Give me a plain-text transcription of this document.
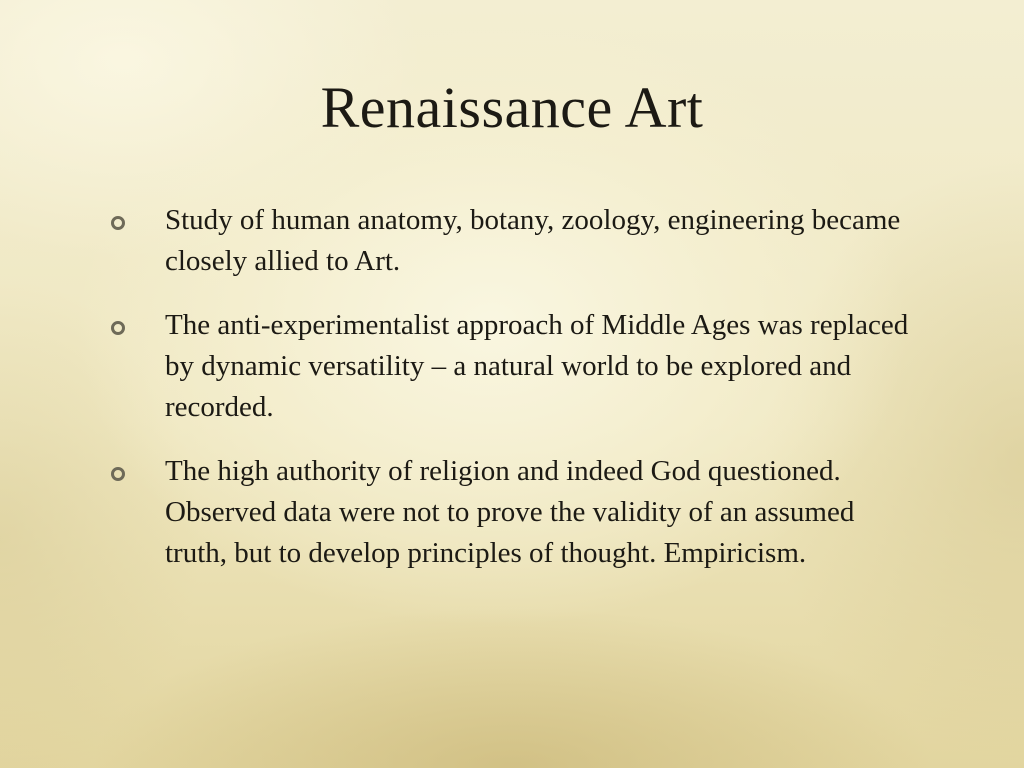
Renaissance Art
Study of human anatomy, botany, zoology, engineering became closely allied to Art.
The anti-experimentalist approach of Middle Ages was replaced by dynamic versatility – a natural world to be explored and recorded.
The high authority of religion and indeed God questioned. Observed data were not to prove the validity of an assumed truth, but to develop principles of thought. Empiricism.
